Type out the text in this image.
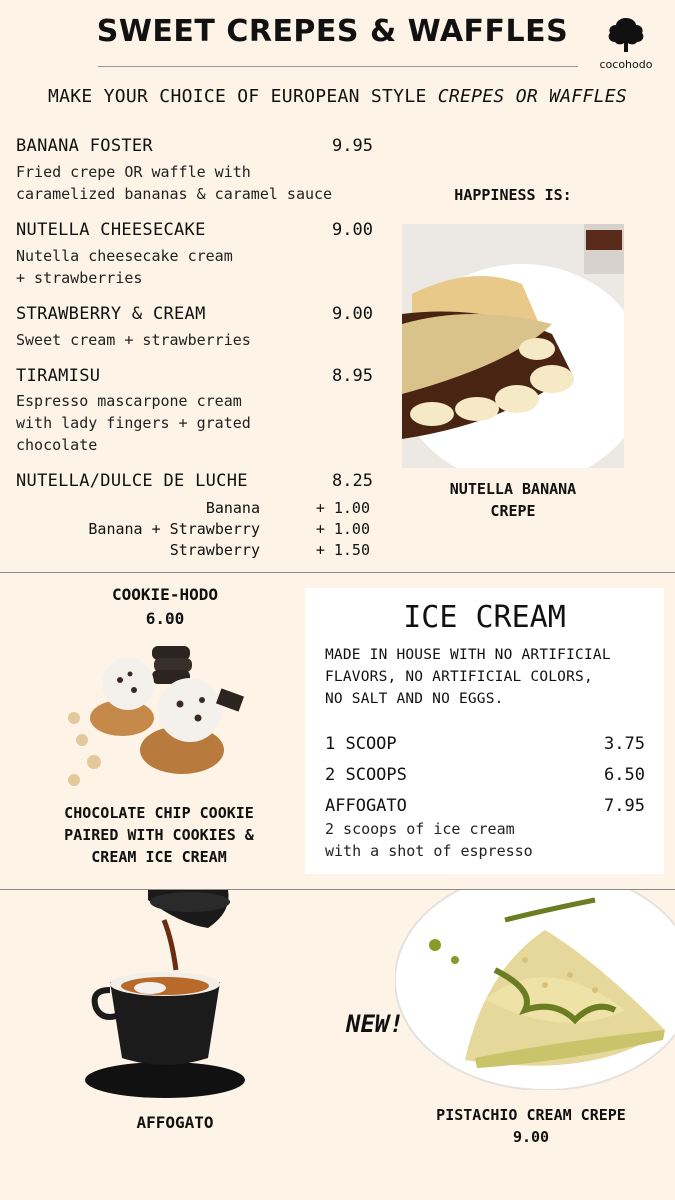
SWEET CREPES & WAFFLES
cocohodo
MAKE YOUR CHOICE OF EUROPEAN STYLE CREPES OR WAFFLES
BANANA FOSTER	9.95
Fried crepe OR waffle with
caramelized bananas & caramel sauce
NUTELLA CHEESECAKE	9.00
Nutella cheesecake cream
+ strawberries
STRAWBERRY & CREAM	9.00
Sweet cream + strawberries
TIRAMISU	8.95
Espresso mascarpone cream
with lady fingers + grated
chocolate
NUTELLA/DULCE DE LUCHE	8.25
Banana	+ 1.00
Banana + Strawberry	+ 1.00
Strawberry	+ 1.50
HAPPINESS IS:
NUTELLA BANANA
CREPE
COOKIE-HODO
6.00
CHOCOLATE CHIP COOKIE
PAIRED WITH COOKIES &
CREAM ICE CREAM
ICE CREAM
MADE IN HOUSE WITH NO ARTIFICIAL
FLAVORS, NO ARTIFICIAL COLORS,
NO SALT AND NO EGGS.
1 SCOOP	3.75
2 SCOOPS	6.50
AFFOGATO	7.95
2 scoops of ice cream
with a shot of espresso
AFFOGATO
NEW!
PISTACHIO CREAM CREPE
9.00
